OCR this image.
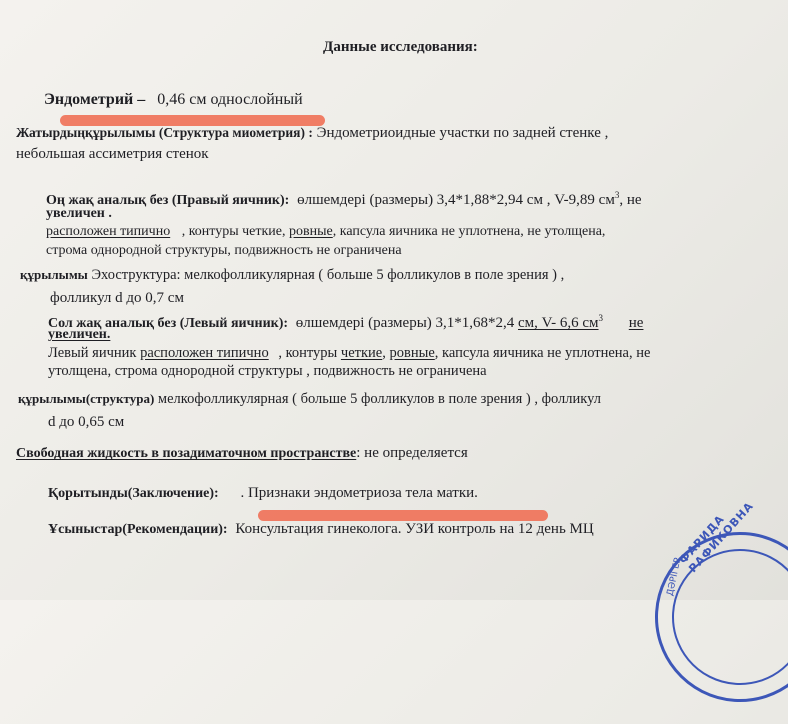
Данные исследования:
Эндометрий – 0,46 см однослойный
Жатырдыңқұрылымы (Структура миометрия) : Эндометриоидные участки по задней стенке ,
небольшая ассиметрия стенок
Оң жақ аналық без (Правый яичник): өлшемдері (размеры) 3,4*1,88*2,94 см , V-9,89 $см^3$, не
увеличен .
расположен типично , контуры четкие, ровные, капсула яичника не уплотнена, не утолщена,
строма однородной структуры, подвижность не ограничена
құрылымы Эхоструктура: мелкофолликулярная ( больше 5 фолликулов в поле зрения ) ,
фолликул d до 0,7 см
Сол жақ аналық без (Левый яичник): өлшемдері (размеры) 3,1*1,68*2,4 см, V- 6,6 $см^3$ не
увеличен.
Левый яичник расположен типично , контуры четкие, ровные, капсула яичника не уплотнена, не
утолщена, строма однородной структуры , подвижность не ограничена
құрылымы(структура) мелкофолликулярная ( больше 5 фолликулов в поле зрения ) , фолликул
d до 0,65 см
Свободная жидкость в позадиматочном пространстве: не определяется
Қорытынды(Заключение): . Признаки эндометриоза тела матки.
Ұсыныстар(Рекомендации): Консультация гинеколога. УЗИ контроль на 12 день МЦ	ФАРИДА РАФИКОВНА
ДӘРІГЕР
